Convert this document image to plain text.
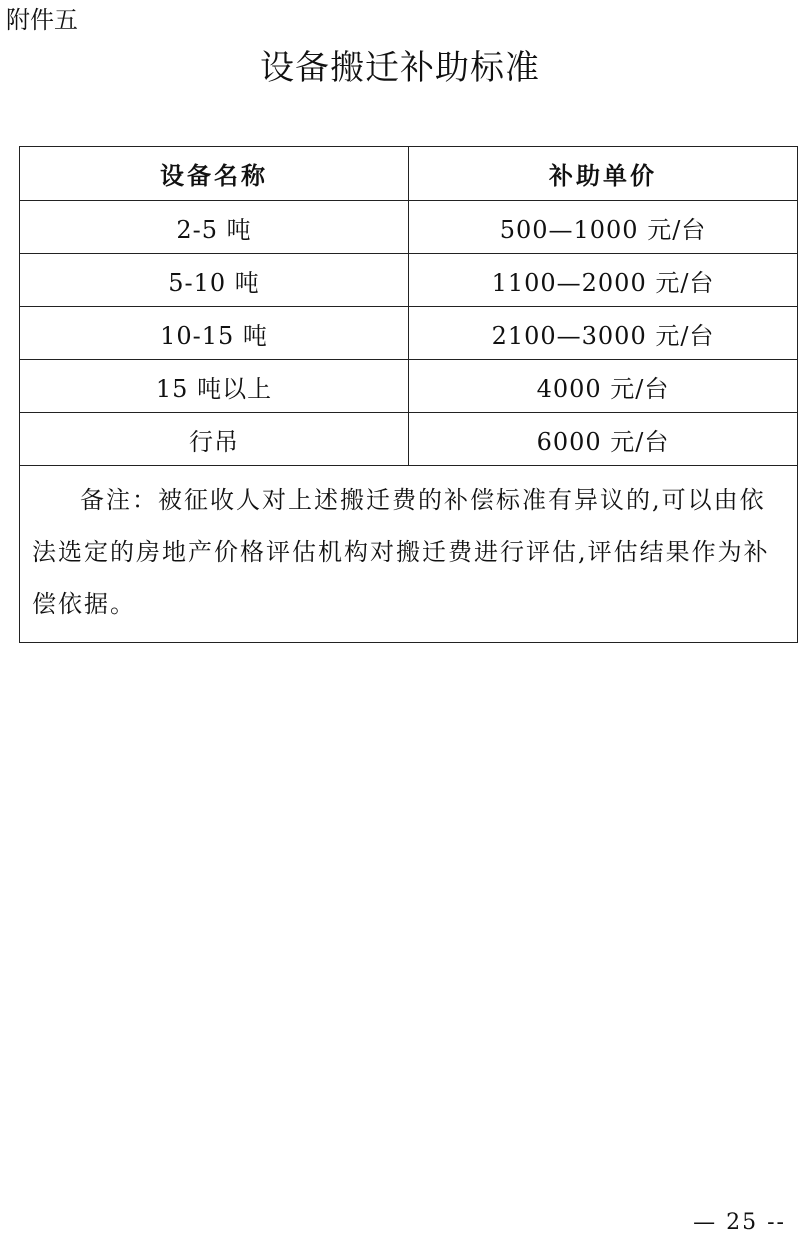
附件五
设备搬迁补助标准
设备名称	补助单价
2-5 吨	500—1000 元/台
5-10 吨	1100—2000 元/台
10-15 吨	2100—3000 元/台
15 吨以上	4000 元/台
行吊	6000 元/台

备注：被征收人对上述搬迁费的补偿标准有异议的,可以由依法选定的房地产价格评估机构对搬迁费进行评估,评估结果作为补偿依据。	
— 25 --
